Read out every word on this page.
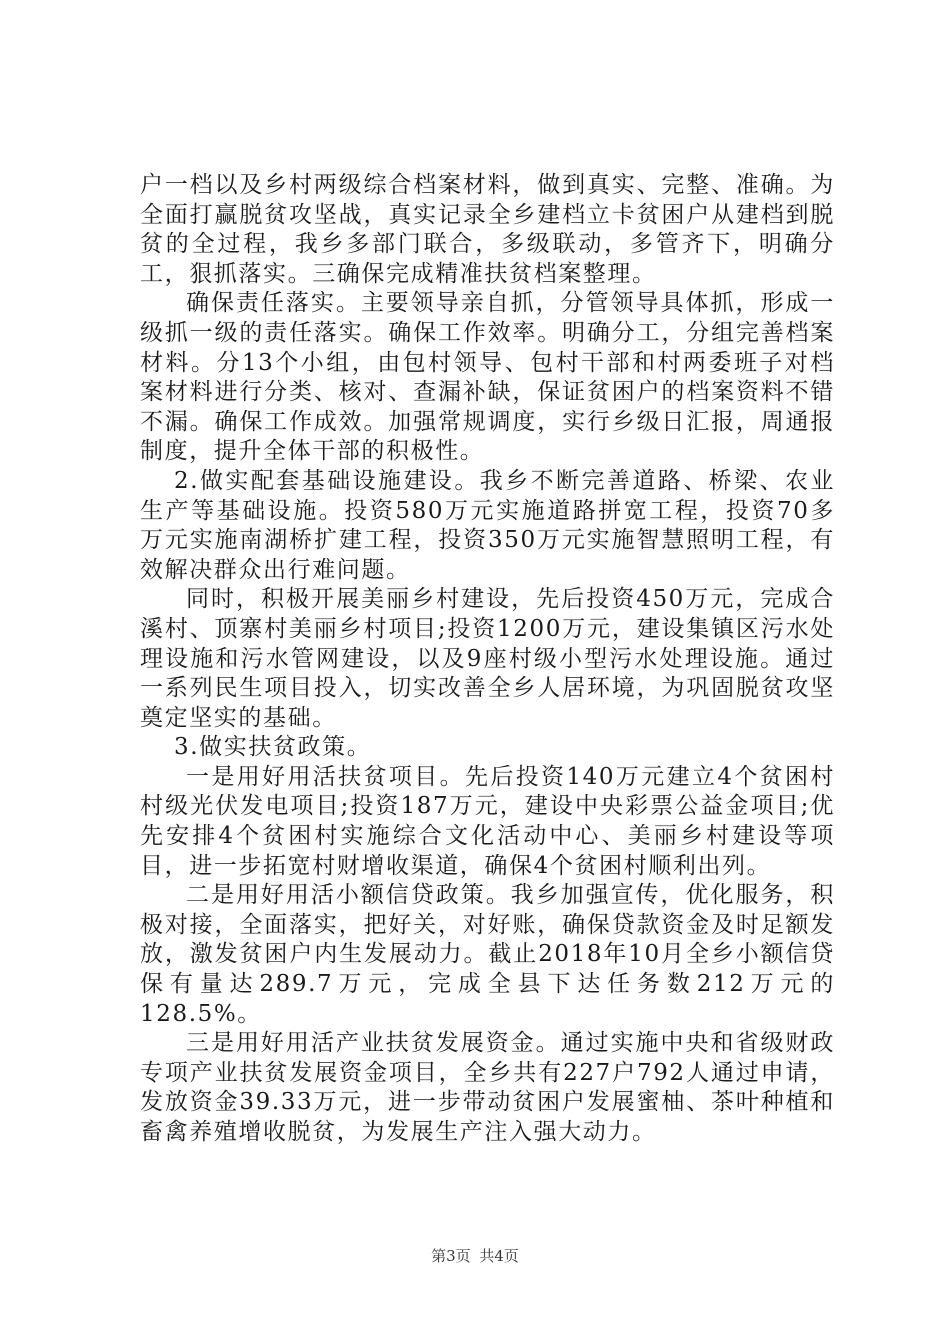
户一档以及乡村两级综合档案材料，做到真实、完整、准确。为全面打赢脱贫攻坚战，真实记录全乡建档立卡贫困户从建档到脱贫的全过程，我乡多部门联合，多级联动，多管齐下，明确分工，狠抓落实。三确保完成精准扶贫档案整理。

确保责任落实。主要领导亲自抓，分管领导具体抓，形成一级抓一级的责任落实。确保工作效率。明确分工，分组完善档案材料。分13个小组，由包村领导、包村干部和村两委班子对档案材料进行分类、核对、查漏补缺，保证贫困户的档案资料不错不漏。确保工作成效。加强常规调度，实行乡级日汇报，周通报制度，提升全体干部的积极性。

2.做实配套基础设施建设。我乡不断完善道路、桥梁、农业生产等基础设施。投资580万元实施道路拼宽工程，投资70多万元实施南湖桥扩建工程，投资350万元实施智慧照明工程，有效解决群众出行难问题。

同时，积极开展美丽乡村建设，先后投资450万元，完成合溪村、顶寨村美丽乡村项目;投资1200万元，建设集镇区污水处理设施和污水管网建设，以及9座村级小型污水处理设施。通过一系列民生项目投入，切实改善全乡人居环境，为巩固脱贫攻坚奠定坚实的基础。

3.做实扶贫政策。

一是用好用活扶贫项目。先后投资140万元建立4个贫困村村级光伏发电项目;投资187万元，建设中央彩票公益金项目;优先安排4个贫困村实施综合文化活动中心、美丽乡村建设等项目，进一步拓宽村财增收渠道，确保4个贫困村顺利出列。

二是用好用活小额信贷政策。我乡加强宣传，优化服务，积极对接，全面落实，把好关，对好账，确保贷款资金及时足额发放，激发贫困户内生发展动力。截止2018年10月全乡小额信贷保有量达289.7万元，完成全县下达任务数212万元的128.5%。

三是用好用活产业扶贫发展资金。通过实施中央和省级财政专项产业扶贫发展资金项目，全乡共有227户792人通过申请，发放资金39.33万元，进一步带动贫困户发展蜜柚、茶叶种植和畜禽养殖增收脱贫，为发展生产注入强大动力。

第3页 共4页
